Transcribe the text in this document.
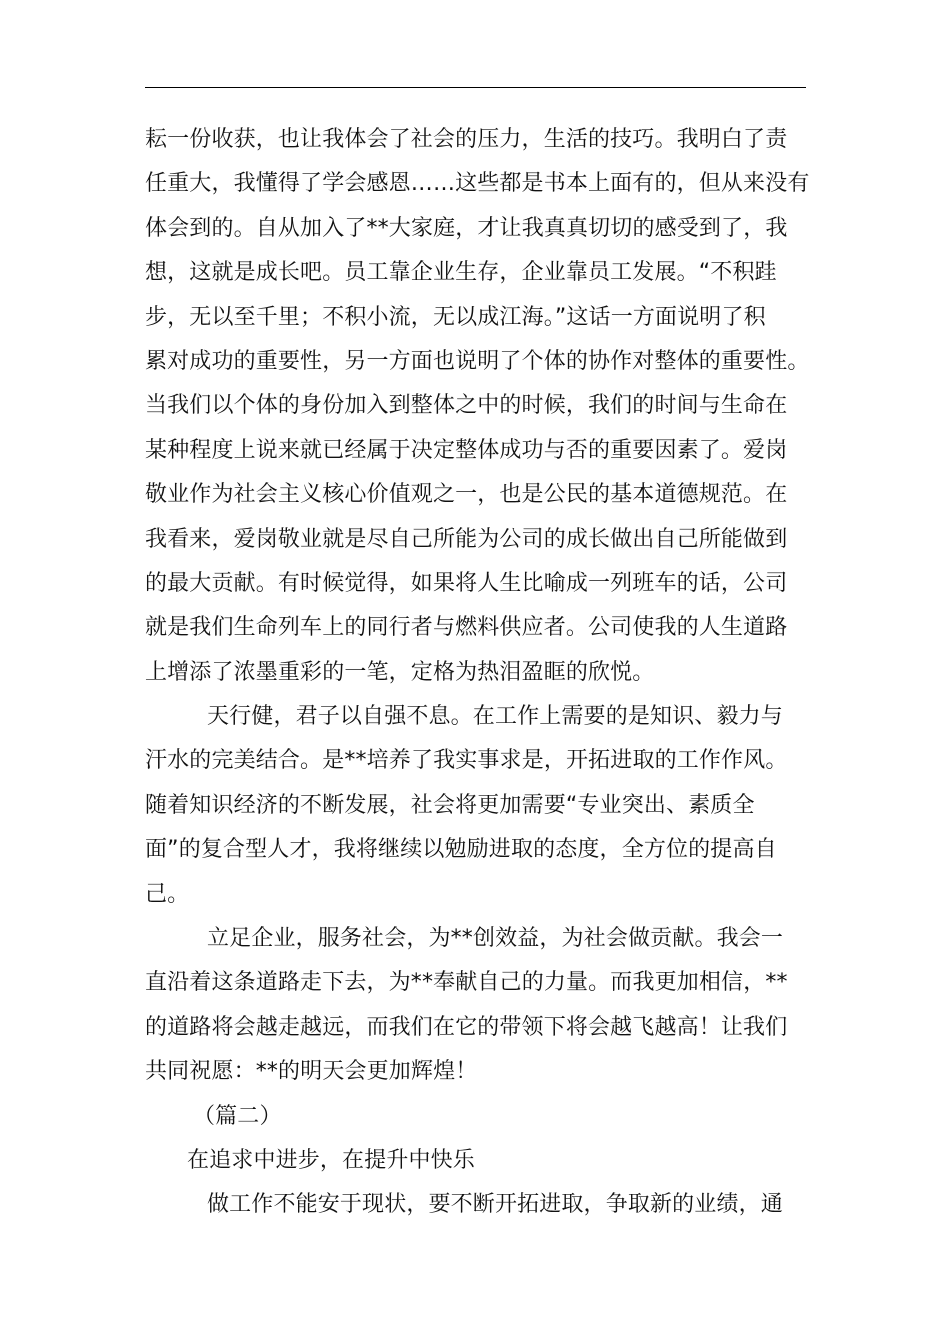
耘一份收获，也让我体会了社会的压力，生活的技巧。我明白了责
任重大，我懂得了学会感恩……这些都是书本上面有的，但从来没有
体会到的。自从加入了**大家庭，才让我真真切切的感受到了，我
想，这就是成长吧。员工靠企业生存，企业靠员工发展。“不积跬
步，无以至千里；不积小流，无以成江海。”这话一方面说明了积
累对成功的重要性，另一方面也说明了个体的协作对整体的重要性。
当我们以个体的身份加入到整体之中的时候，我们的时间与生命在
某种程度上说来就已经属于决定整体成功与否的重要因素了。爱岗
敬业作为社会主义核心价值观之一，也是公民的基本道德规范。在
我看来，爱岗敬业就是尽自己所能为公司的成长做出自己所能做到
的最大贡献。有时候觉得，如果将人生比喻成一列班车的话，公司
就是我们生命列车上的同行者与燃料供应者。公司使我的人生道路
上增添了浓墨重彩的一笔，定格为热泪盈眶的欣悦。
天行健，君子以自强不息。在工作上需要的是知识、毅力与
汗水的完美结合。是**培养了我实事求是，开拓进取的工作作风。
随着知识经济的不断发展，社会将更加需要“专业突出、素质全
面”的复合型人才，我将继续以勉励进取的态度，全方位的提高自
己。
立足企业，服务社会，为**创效益，为社会做贡献。我会一
直沿着这条道路走下去，为**奉献自己的力量。而我更加相信，**
的道路将会越走越远，而我们在它的带领下将会越飞越高！让我们
共同祝愿：**的明天会更加辉煌！
（篇二）
在追求中进步，在提升中快乐
做工作不能安于现状，要不断开拓进取，争取新的业绩，通
